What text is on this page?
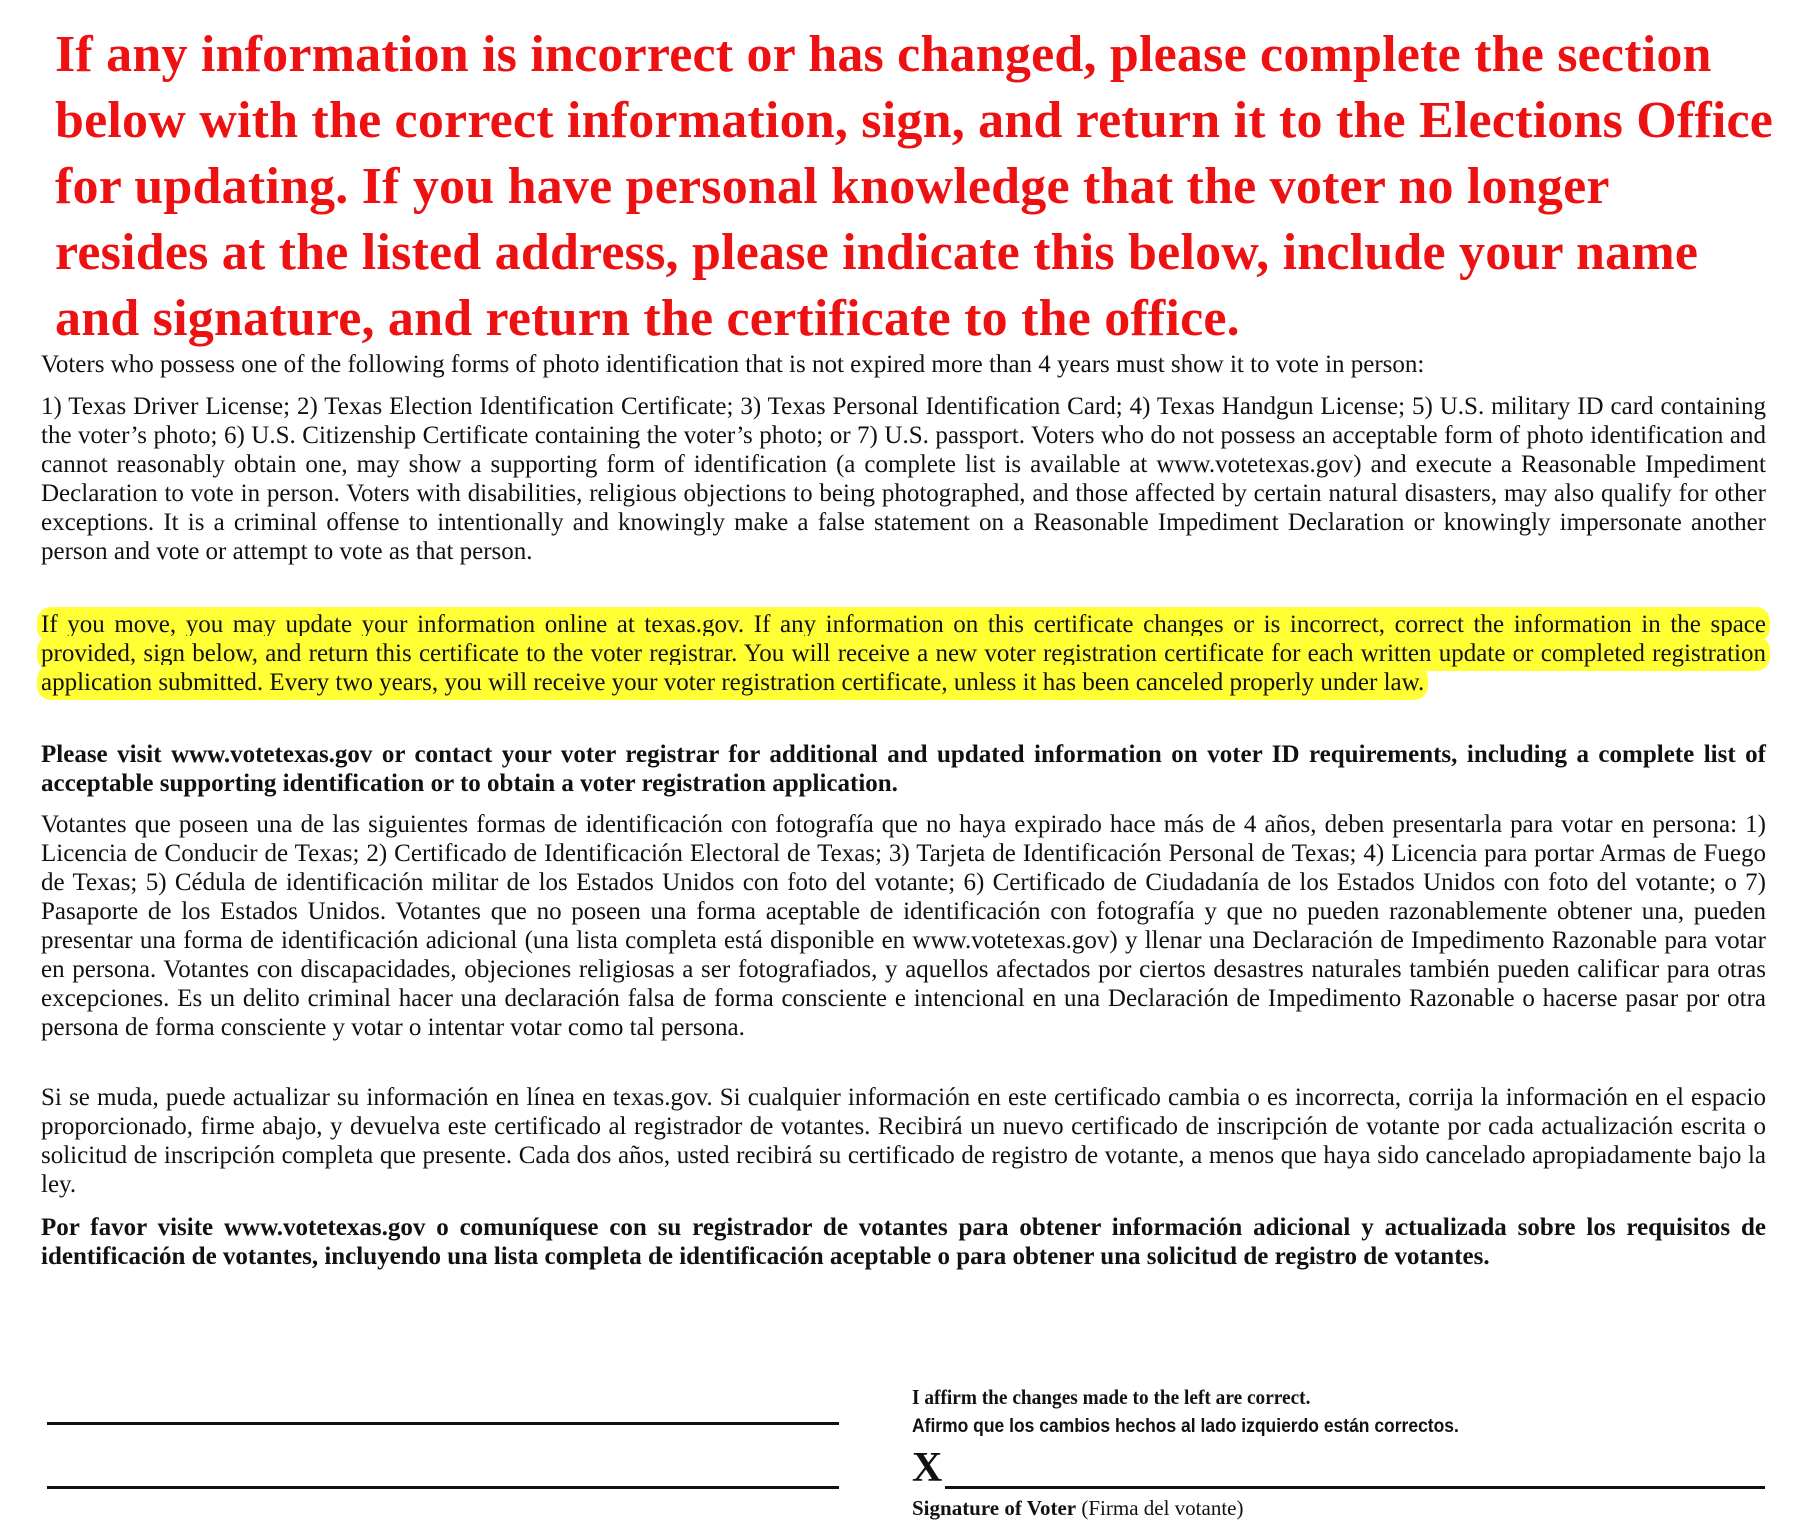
If any information is incorrect or has changed, please complete the section below with the correct information, sign, and return it to the Elections Office for updating. If you have personal knowledge that the voter no longer resides at the listed address, please indicate this below, include your name and signature, and return the certificate to the office.

Voters who possess one of the following forms of photo identification that is not expired more than 4 years must show it to vote in person:

1) Texas Driver License; 2) Texas Election Identification Certificate; 3) Texas Personal Identification Card; 4) Texas Handgun License; 5) U.S. military ID card containing the voter’s photo; 6) U.S. Citizenship Certificate containing the voter’s photo; or 7) U.S. passport. Voters who do not possess an acceptable form of photo identification and cannot reasonably obtain one, may show a supporting form of identification (a complete list is available at www.votetexas.gov) and execute a Reasonable Impediment Declaration to vote in person. Voters with disabilities, religious objections to being photographed, and those affected by certain natural disasters, may also qualify for other exceptions. It is a criminal offense to intentionally and knowingly make a false statement on a Reasonable Impediment Declaration or knowingly impersonate another person and vote or attempt to vote as that person.

If you move, you may update your information online at texas.gov. If any information on this certificate changes or is incorrect, correct the information in the space provided, sign below, and return this certificate to the voter registrar. You will receive a new voter registration certificate for each written update or completed registration application submitted. Every two years, you will receive your voter registration certificate, unless it has been canceled properly under law.

Please visit www.votetexas.gov or contact your voter registrar for additional and updated information on voter ID requirements, including a complete list of acceptable supporting identification or to obtain a voter registration application.

Votantes que poseen una de las siguientes formas de identificación con fotografía que no haya expirado hace más de 4 años, deben presentarla para votar en persona: 1) Licencia de Conducir de Texas; 2) Certificado de Identificación Electoral de Texas; 3) Tarjeta de Identificación Personal de Texas; 4) Licencia para portar Armas de Fuego de Texas; 5) Cédula de identificación militar de los Estados Unidos con foto del votante; 6) Certificado de Ciudadanía de los Estados Unidos con foto del votante; o 7) Pasaporte de los Estados Unidos. Votantes que no poseen una forma aceptable de identificación con fotografía y que no pueden razonablemente obtener una, pueden presentar una forma de identificación adicional (una lista completa está disponible en www.votetexas.gov) y llenar una Declaración de Impedimento Razonable para votar en persona. Votantes con discapacidades, objeciones religiosas a ser fotografiados, y aquellos afectados por ciertos desastres naturales también pueden calificar para otras excepciones. Es un delito criminal hacer una declaración falsa de forma consciente e intencional en una Declaración de Impedimento Razonable o hacerse pasar por otra persona de forma consciente y votar o intentar votar como tal persona.

Si se muda, puede actualizar su información en línea en texas.gov. Si cualquier información en este certificado cambia o es incorrecta, corrija la información en el espacio proporcionado, firme abajo, y devuelva este certificado al registrador de votantes. Recibirá un nuevo certificado de inscripción de votante por cada actualización escrita o solicitud de inscripción completa que presente. Cada dos años, usted recibirá su certificado de registro de votante, a menos que haya sido cancelado apropiadamente bajo la ley.

Por favor visite www.votetexas.gov o comuníquese con su registrador de votantes para obtener información adicional y actualizada sobre los requisitos de identificación de votantes, incluyendo una lista completa de identificación aceptable o para obtener una solicitud de registro de votantes.

I affirm the changes made to the left are correct.
Afirmo que los cambios hechos al lado izquierdo están correctos.
X
Signature of Voter (Firma del votante)
